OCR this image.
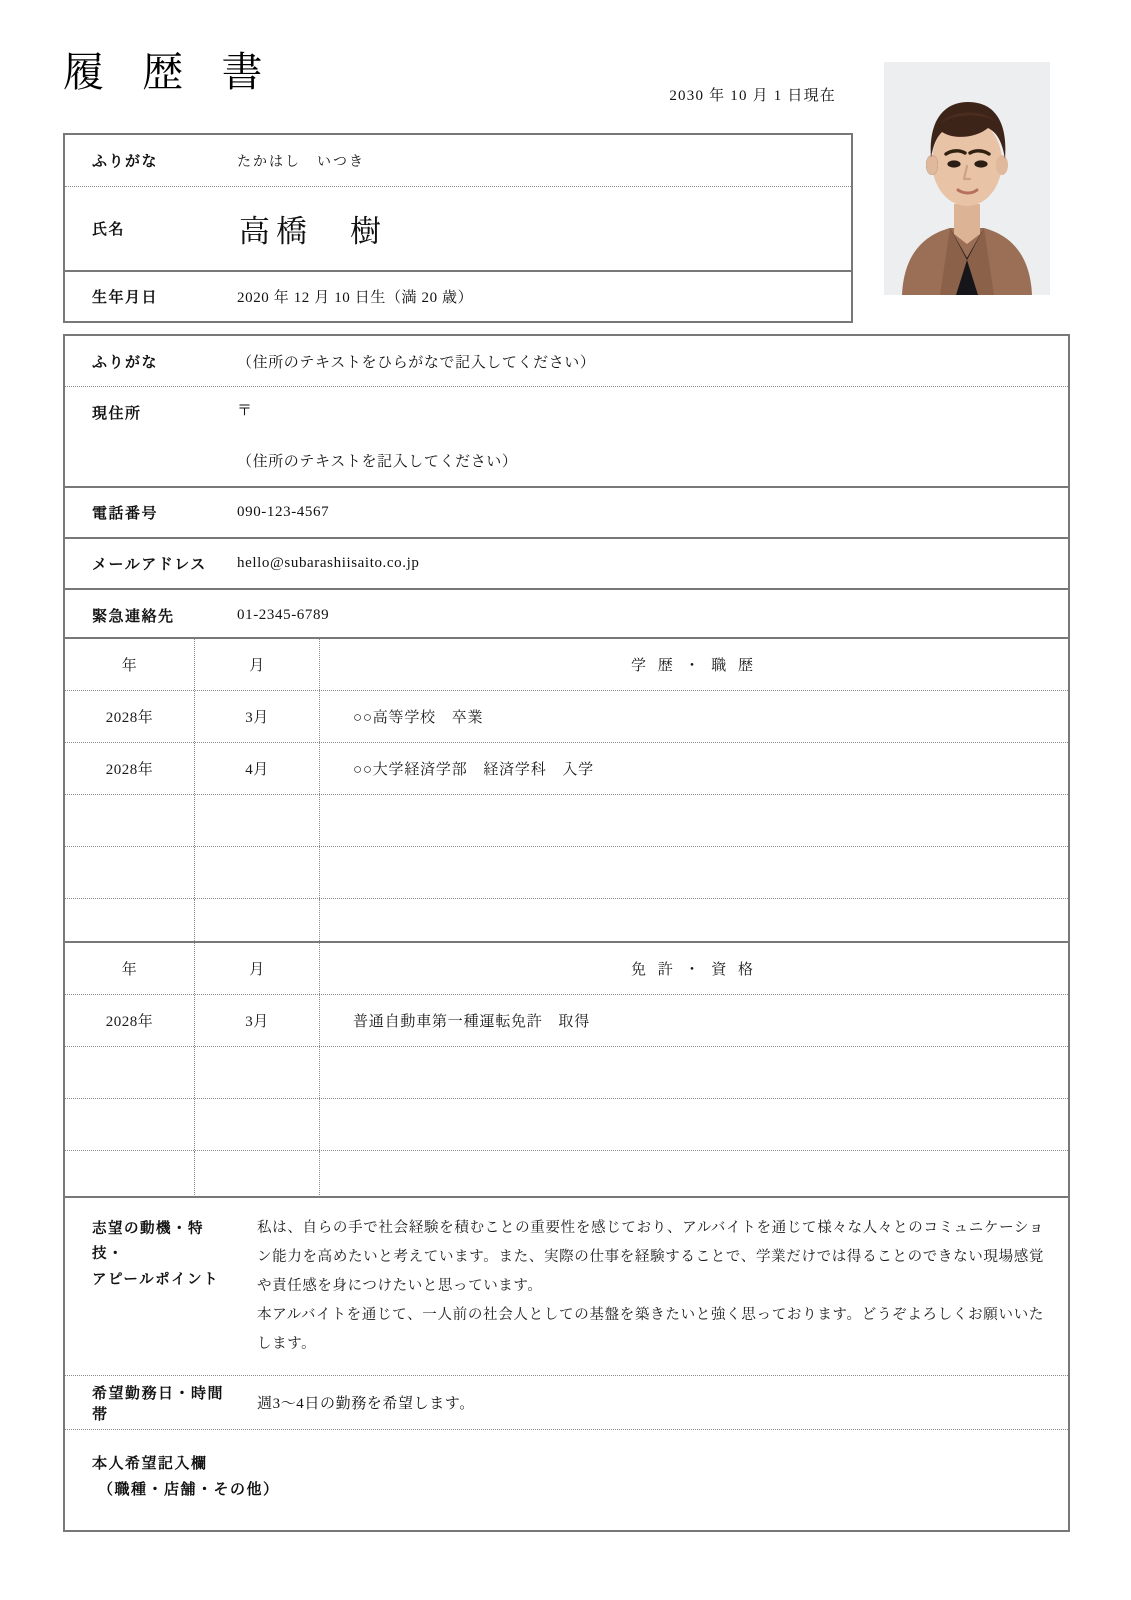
履 歴 書
2030 年 10 月 1 日現在
ふりがな	たかはし　いつき
氏名	高橋　樹
生年月日	2020 年 12 月 10 日生（満 20 歳）
ふりがな	（住所のテキストをひらがなで記入してください）
現住所	〒
（住所のテキストを記入してください）
電話番号	090-123-4567
メールアドレス	hello@subarashiisaito.co.jp
緊急連絡先	01-2345-6789
年	月	学 歴 ・ 職 歴
2028年	3月	○○高等学校　卒業
2028年	4月	○○大学経済学部　経済学科　入学
年	月	免 許 ・ 資 格
2028年	3月	普通自動車第一種運転免許　取得
志望の動機・特技・
アピールポイント

私は、自らの手で社会経験を積むことの重要性を感じており、アルバイトを通じて様々な人々とのコミュニケーション能力を高めたいと考えています。また、実際の仕事を経験することで、学業だけでは得ることのできない現場感覚や責任感を身につけたいと思っています。

本アルバイトを通じて、一人前の社会人としての基盤を築きたいと強く思っております。どうぞよろしくお願いいたします。

希望勤務日・時間帯
週3〜4日の勤務を希望します。
本人希望記入欄
（職種・店舗・その他）
